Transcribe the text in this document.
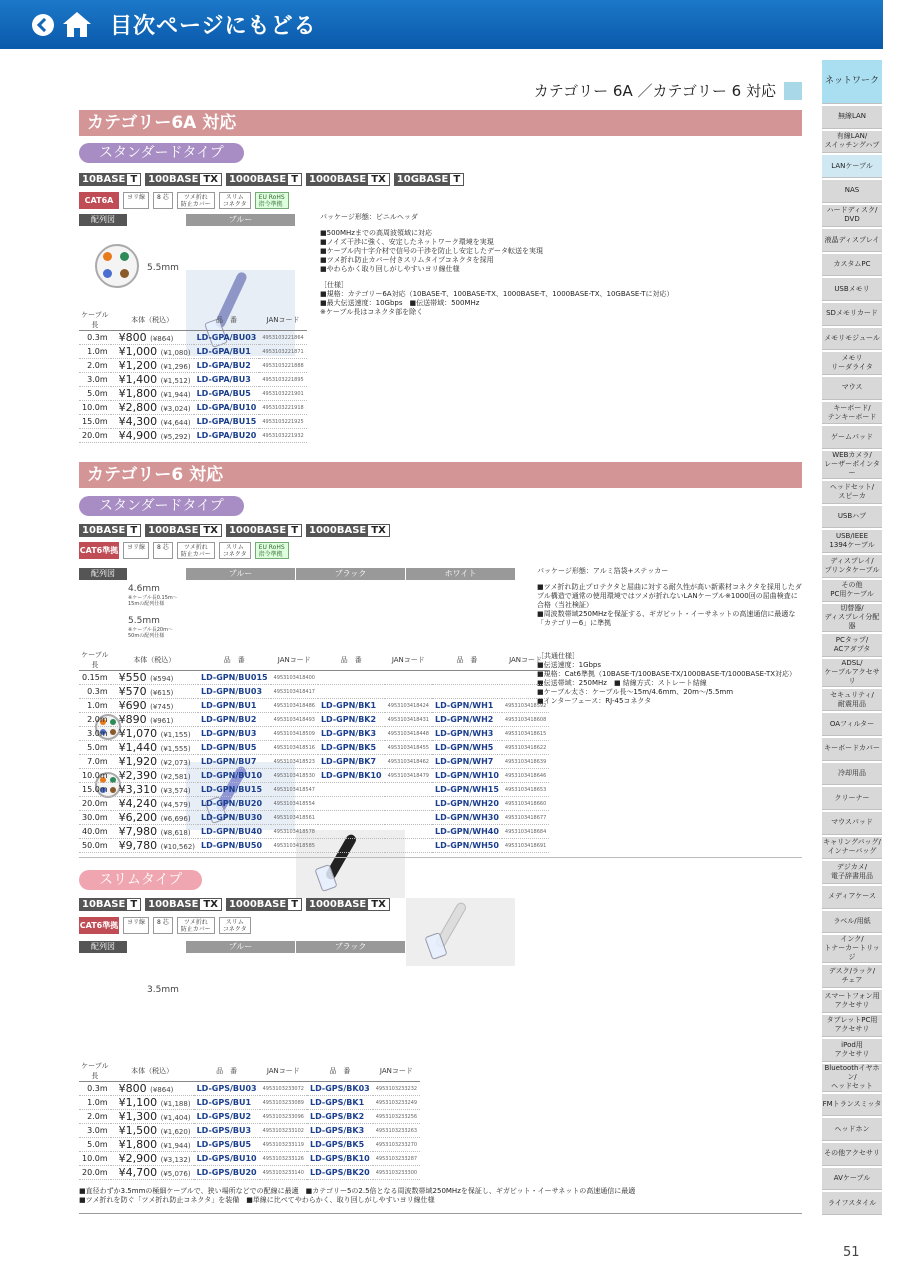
目次ページにもどる
カテゴリー 6A ／カテゴリー 6 対応
カテゴリー6A 対応
スタンダードタイプ
10BASE T	100BASE TX	1000BASE T	1000BASE TX	10GBASE T
CAT6A	ヨリ線	8 芯	ツメ折れ
防止カバー
スリム
コネクタ
EU RoHS
指令準拠
配列図
5.5mm
ブルー	パッケージ形態：ビニルヘッダ
■500MHzまでの高周波領域に対応
■ノイズ干渉に強く、安定したネットワーク環境を実現
■ケーブル内十字介材で信号の干渉を防止し安定したデータ転送を実現
■ツメ折れ防止カバー付きスリムタイプコネクタを採用
■やわらかく取り回しがしやすいヨリ線仕様
［仕様］
■規格：カテゴリー6A対応（10BASE-T、100BASE-TX、1000BASE-T、1000BASE-TX、10GBASE-Tに対応）
■最大伝送速度：10Gbps　■伝送帯域：500MHz
※ケーブル長はコネクタ部を除く
ケーブル長	本体（税込）	品　番	JANコード
0.3m	¥800 (¥864)	LD-GPA/BU03	4953103221864
1.0m	¥1,000 (¥1,080)	LD-GPA/BU1	4953103221871
2.0m	¥1,200 (¥1,296)	LD-GPA/BU2	4953103221888
3.0m	¥1,400 (¥1,512)	LD-GPA/BU3	4953103221895
5.0m	¥1,800 (¥1,944)	LD-GPA/BU5	4953103221901
10.0m	¥2,800 (¥3,024)	LD-GPA/BU10	4953103221918
15.0m	¥4,300 (¥4,644)	LD-GPA/BU15	4953103221925
20.0m	¥4,900 (¥5,292)	LD-GPA/BU20	4953103221932
カテゴリー6 対応
スタンダードタイプ
10BASE T	100BASE TX	1000BASE T	1000BASE TX
CAT6準拠	ヨリ線	8 芯	ツメ折れ
防止カバー
スリム
コネクタ
EU RoHS
指令準拠
配列図
4.6mm
※ケーブル長0.15m〜
15mの配列仕様
5.5mm
※ケーブル長20m〜
50mの配列仕様
ブルー	ブラック	ホワイト	パッケージ形態：アルミ箔袋+ステッカー
■ツメ折れ防止プロテクタと屈曲に対する耐久性が高い新素材コネクタを採用したダブル構造で通常の使用環境ではツメが折れないLANケーブル※1000回の屈曲検査に合格（当社検証）
■周波数帯域250MHzを保証する、ギガビット・イーサネットの高速通信に最適な「カテゴリー6」に準拠
［共通仕様］
■伝送速度：1Gbps
■規格：Cat6準拠（10BASE-T/100BASE-TX/1000BASE-T/1000BASE-TX対応）
■伝送帯域：250MHz　■ 結線方式：ストレート結線
■ケーブル太さ：ケーブル長〜15m/4.6mm、20m〜/5.5mm
■インターフェース：RJ-45コネクタ
ケーブル長	本体（税込）	品　番	JANコード	品　番	JANコード	品　番	JANコード
0.15m	¥550 (¥594)	LD-GPN/BU015	4953103418400				
0.3m	¥570 (¥615)	LD-GPN/BU03	4953103418417				
1.0m	¥690 (¥745)	LD-GPN/BU1	4953103418486	LD-GPN/BK1	4953103418424	LD-GPN/WH1	4953103418592
2.0m	¥890 (¥961)	LD-GPN/BU2	4953103418493	LD-GPN/BK2	4953103418431	LD-GPN/WH2	4953103418608
3.0m	¥1,070 (¥1,155)	LD-GPN/BU3	4953103418509	LD-GPN/BK3	4953103418448	LD-GPN/WH3	4953103418615
5.0m	¥1,440 (¥1,555)	LD-GPN/BU5	4953103418516	LD-GPN/BK5	4953103418455	LD-GPN/WH5	4953103418622
7.0m	¥1,920 (¥2,073)	LD-GPN/BU7	4953103418523	LD-GPN/BK7	4953103418462	LD-GPN/WH7	4953103418639
10.0m	¥2,390 (¥2,581)	LD-GPN/BU10	4953103418530	LD-GPN/BK10	4953103418479	LD-GPN/WH10	4953103418646
15.0m	¥3,310 (¥3,574)	LD-GPN/BU15	4953103418547			LD-GPN/WH15	4953103418653
20.0m	¥4,240 (¥4,579)	LD-GPN/BU20	4953103418554			LD-GPN/WH20	4953103418660
30.0m	¥6,200 (¥6,696)	LD-GPN/BU30	4953103418561			LD-GPN/WH30	4953103418677
40.0m	¥7,980 (¥8,618)	LD-GPN/BU40	4953103418578			LD-GPN/WH40	4953103418684
50.0m	¥9,780 (¥10,562)	LD-GPN/BU50	4953103418585			LD-GPN/WH50	4953103418691
スリムタイプ
10BASE T	100BASE TX	1000BASE T	1000BASE TX
CAT6準拠	ヨリ線	8 芯	ツメ折れ
防止カバー
スリム
コネクタ
配列図
3.5mm
ブルー	ブラック
ケーブル長	本体（税込）	品　番	JANコード	品　番	JANコード
0.3m	¥800 (¥864)	LD-GPS/BU03	4953103233072	LD-GPS/BK03	4953103233232
1.0m	¥1,100 (¥1,188)	LD-GPS/BU1	4953103233089	LD-GPS/BK1	4953103233249
2.0m	¥1,300 (¥1,404)	LD-GPS/BU2	4953103233096	LD-GPS/BK2	4953103233256
3.0m	¥1,500 (¥1,620)	LD-GPS/BU3	4953103233102	LD-GPS/BK3	4953103233263
5.0m	¥1,800 (¥1,944)	LD-GPS/BU5	4953103233119	LD-GPS/BK5	4953103233270
10.0m	¥2,900 (¥3,132)	LD-GPS/BU10	4953103233126	LD-GPS/BK10	4953103233287
20.0m	¥4,700 (¥5,076)	LD-GPS/BU20	4953103233140	LD-GPS/BK20	4953103233300
■直径わずか3.5mmの極細ケーブルで、狭い場所などでの配線に最適　■カテゴリー5の2.5倍となる周波数帯域250MHzを保証し、ギガビット・イーサネットの高速通信に最適
■ツメ折れを防ぐ「ツメ折れ防止コネクタ」を装備　■単線に比べてやわらかく、取り回しがしやすいヨリ線仕様
51
ネットワーク
無線LAN
有線LAN/
スイッチングハブ
LANケーブル
NAS
ハードディスク/
DVD
液晶ディスプレイ
カスタムPC
USBメモリ
SDメモリカード
メモリモジュール
メモリ
リーダライタ
マウス
キーボード/
テンキーボード
ゲームパッド
WEBカメラ/
レーザーポインター
ヘッドセット/
スピーカ
USBハブ
USB/IEEE
1394ケーブル
ディスプレイ/
プリンタケーブル
その他
PC用ケーブル
切替器/
ディスプレイ分配器
PCタップ/
ACアダプタ
ADSL/
ケーブルアクセサリ
セキュリティ/
耐震用品
OAフィルター
キーボードカバー
冷却用品
クリーナー
マウスパッド
キャリングバッグ/
インナーバッグ
デジカメ/
電子辞書用品
メディアケース
ラベル/用紙
インク/
トナーカートリッジ
デスク/ラック/
チェア
スマートフォン用
アクセサリ
タブレットPC用
アクセサリ
iPod用
アクセサリ
Bluetoothイヤホン/
ヘッドセット
FMトランスミッタ
ヘッドホン
その他アクセサリ
AVケーブル
ライフスタイル
